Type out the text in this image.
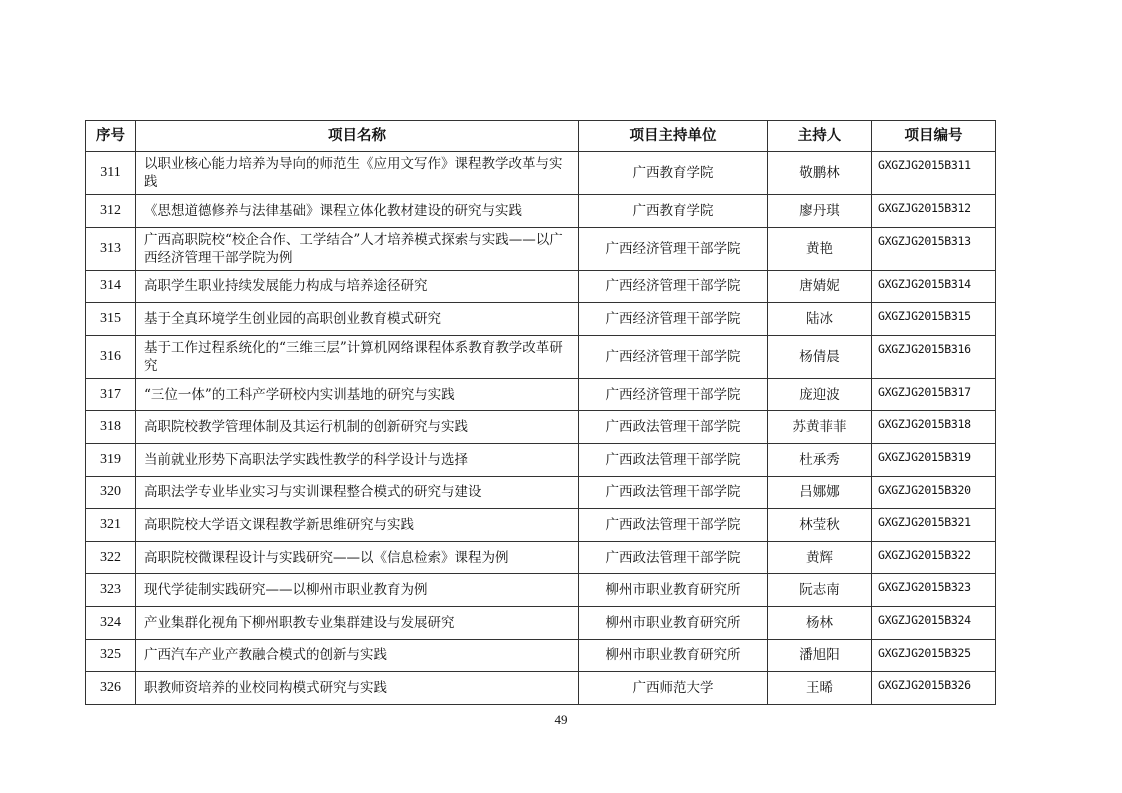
序号	项目名称	项目主持单位	主持人	项目编号
311	以职业核心能力培养为导向的师范生《应用文写作》课程教学改革与实践	广西教育学院	敬鹏林	GXGZJG2015B311
312	《思想道德修养与法律基础》课程立体化教材建设的研究与实践	广西教育学院	廖丹琪	GXGZJG2015B312
313	广西高职院校“校企合作、工学结合”人才培养模式探索与实践——以广西经济管理干部学院为例	广西经济管理干部学院	黄艳	GXGZJG2015B313
314	高职学生职业持续发展能力构成与培养途径研究	广西经济管理干部学院	唐婧妮	GXGZJG2015B314
315	基于全真环境学生创业园的高职创业教育模式研究	广西经济管理干部学院	陆冰	GXGZJG2015B315
316	基于工作过程系统化的“三维三层”计算机网络课程体系教育教学改革研究	广西经济管理干部学院	杨倩晨	GXGZJG2015B316
317	“三位一体”的工科产学研校内实训基地的研究与实践	广西经济管理干部学院	庞迎波	GXGZJG2015B317
318	高职院校教学管理体制及其运行机制的创新研究与实践	广西政法管理干部学院	苏黄菲菲	GXGZJG2015B318
319	当前就业形势下高职法学实践性教学的科学设计与选择	广西政法管理干部学院	杜承秀	GXGZJG2015B319
320	高职法学专业毕业实习与实训课程整合模式的研究与建设	广西政法管理干部学院	吕娜娜	GXGZJG2015B320
321	高职院校大学语文课程教学新思维研究与实践	广西政法管理干部学院	林莹秋	GXGZJG2015B321
322	高职院校微课程设计与实践研究——以《信息检索》课程为例	广西政法管理干部学院	黄辉	GXGZJG2015B322
323	现代学徒制实践研究——以柳州市职业教育为例	柳州市职业教育研究所	阮志南	GXGZJG2015B323
324	产业集群化视角下柳州职教专业集群建设与发展研究	柳州市职业教育研究所	杨林	GXGZJG2015B324
325	广西汽车产业产教融合模式的创新与实践	柳州市职业教育研究所	潘旭阳	GXGZJG2015B325
326	职教师资培养的业校同构模式研究与实践	广西师范大学	王晞	GXGZJG2015B326
49
